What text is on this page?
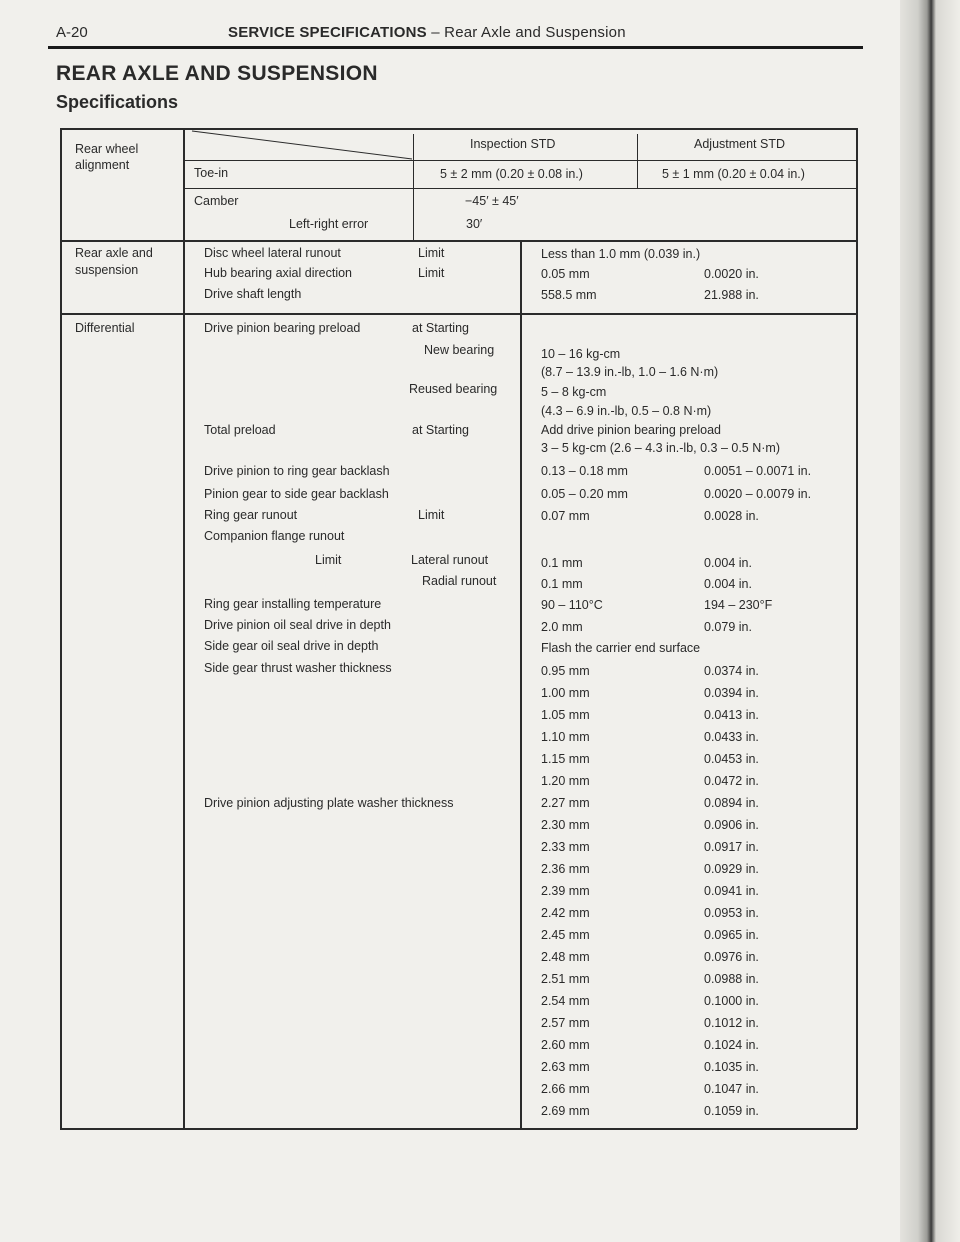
A-20	SERVICE SPECIFICATIONS – Rear Axle and Suspension
REAR AXLE AND SUSPENSION
Specifications
Rear wheel
alignment
Inspection STD	Adjustment STD
Toe-in	5 ± 2 mm (0.20 ± 0.08 in.)	5 ± 1 mm (0.20 ± 0.04 in.)
Camber	−45′ ± 45′
Left-right error	30′
Rear axle and
suspension
Disc wheel lateral runout	Limit	Less than 1.0 mm (0.039 in.)
Hub bearing axial direction	Limit	0.05 mm	0.0020 in.
Drive shaft length	558.5 mm	21.988 in.
Differential	Drive pinion bearing preload	at Starting
New bearing	10 – 16 kg-cm
(8.7 – 13.9 in.-lb, 1.0 – 1.6 N·m)
Reused bearing	5 – 8 kg-cm
(4.3 – 6.9 in.-lb, 0.5 – 0.8 N·m)
Total preload	at Starting	Add drive pinion bearing preload
3 – 5 kg-cm (2.6 – 4.3 in.-lb, 0.3 – 0.5 N·m)
Drive pinion to ring gear backlash	0.13 – 0.18 mm	0.0051 – 0.0071 in.
Pinion gear to side gear backlash	0.05 – 0.20 mm	0.0020 – 0.0079 in.
Ring gear runout	Limit	0.07 mm	0.0028 in.
Companion flange runout
Limit	Lateral runout	0.1 mm	0.004 in.
Radial runout	0.1 mm	0.004 in.
Ring gear installing temperature	90 – 110°C	194 – 230°F
Drive pinion oil seal drive in depth	2.0 mm	0.079 in.
Side gear oil seal drive in depth	Flash the carrier end surface
Side gear thrust washer thickness	0.95 mm	0.0374 in.
1.00 mm	0.0394 in.
1.05 mm	0.0413 in.
1.10 mm	0.0433 in.
1.15 mm	0.0453 in.
1.20 mm	0.0472 in.
Drive pinion adjusting plate washer thickness	2.27 mm	0.0894 in.
2.30 mm	0.0906 in.
2.33 mm	0.0917 in.
2.36 mm	0.0929 in.
2.39 mm	0.0941 in.
2.42 mm	0.0953 in.
2.45 mm	0.0965 in.
2.48 mm	0.0976 in.
2.51 mm	0.0988 in.
2.54 mm	0.1000 in.
2.57 mm	0.1012 in.
2.60 mm	0.1024 in.
2.63 mm	0.1035 in.
2.66 mm	0.1047 in.
2.69 mm	0.1059 in.
